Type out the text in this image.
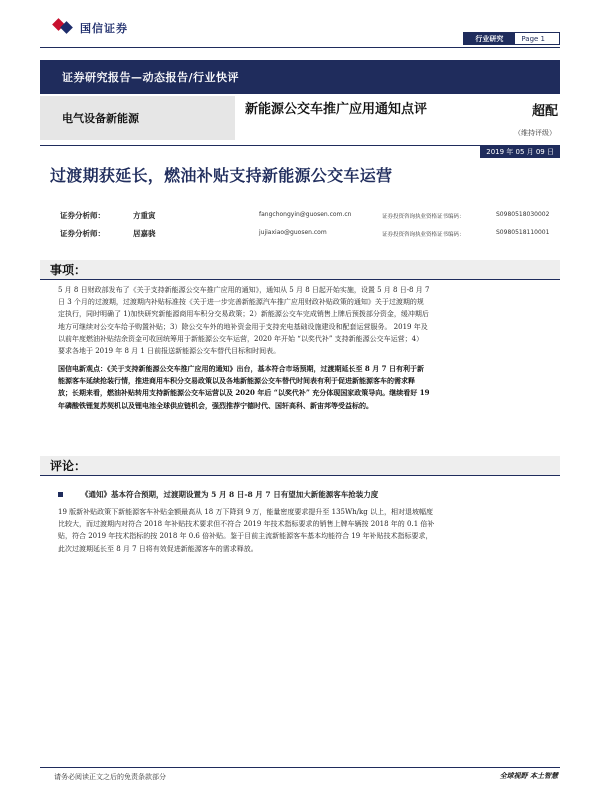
国信证券
行业研究	Page 1
证券研究报告—动态报告/行业快评
电气设备新能源
新能源公交车推广应用通知点评	超配
（维持评级）
2019 年 05 月 09 日
过渡期获延长，燃油补贴支持新能源公交车运营
证券分析师：	方重寅	fangchongyin@guosen.com.cn	证券投资咨询执业资格证书编码：	S0980518030002
证券分析师：	居嘉骁	jujiaxiao@guosen.com	证券投资咨询执业资格证书编码：	S0980518110001
事项：
5 月 8 日财政部发布了《关于支持新能源公交车推广应用的通知》，通知从 5 月 8 日起开始实施，设置 5 月 8 日-8 月 7
日 3 个月的过渡期，过渡期内补贴标准按《关于进一步完善新能源汽车推广应用财政补贴政策的通知》关于过渡期的规
定执行，同时明确了 1)加快研究新能源商用车积分交易政策；2）新能源公交车完成销售上牌后预拨部分资金，缓冲期后
地方可继续对公交车给予购置补贴；3）除公交车外的地补资金用于支持充电基础设施建设和配套运营服务。 2019 年及
以前年度燃油补贴结余资金可收回统筹用于新能源公交车运营，2020 年开始 “以奖代补” 支持新能源公交车运营；4）
要求各地于 2019 年 8 月 1 日前报送新能源公交车替代目标和时间表。
国信电新观点：《关于支持新能源公交车推广应用的通知》出台，基本符合市场预期，过渡期延长至 8 月 7 日有利于新
能源客车延续抢装行情，推进商用车积分交易政策以及各地新能源公交车替代时间表有利于促进新能源客车的需求释
放；长期来看，燃油补贴转用支持新能源公交车运营以及 2020 年后 “以奖代补” 充分体现国家政策导向。继续看好 19
年磷酸铁锂复苏契机以及锂电池全球供应链机会，强烈推荐宁德时代、国轩高科、新宙邦等受益标的。
评论：
《通知》基本符合预期，过渡期设置为 5 月 8 日-8 月 7 日有望加大新能源客车抢装力度
19 版新补贴政策下新能源客车补贴金额最高从 18 万下降到 9 万，能量密度要求提升至 135Wh/kg 以上，相对退坡幅度
比较大，而过渡期内对符合 2018 年补贴技术要求但不符合 2019 年技术指标要求的销售上牌车辆按 2018 年的 0.1 倍补
贴，符合 2019 年技术指标的按 2018 年 0.6 倍补贴。鉴于目前主流新能源客车基本均能符合 19 年补贴技术指标要求，
此次过渡期延长至 8 月 7 日将有效促进新能源客车的需求释放。
请务必阅读正文之后的免责条款部分	全球视野 本土智慧
